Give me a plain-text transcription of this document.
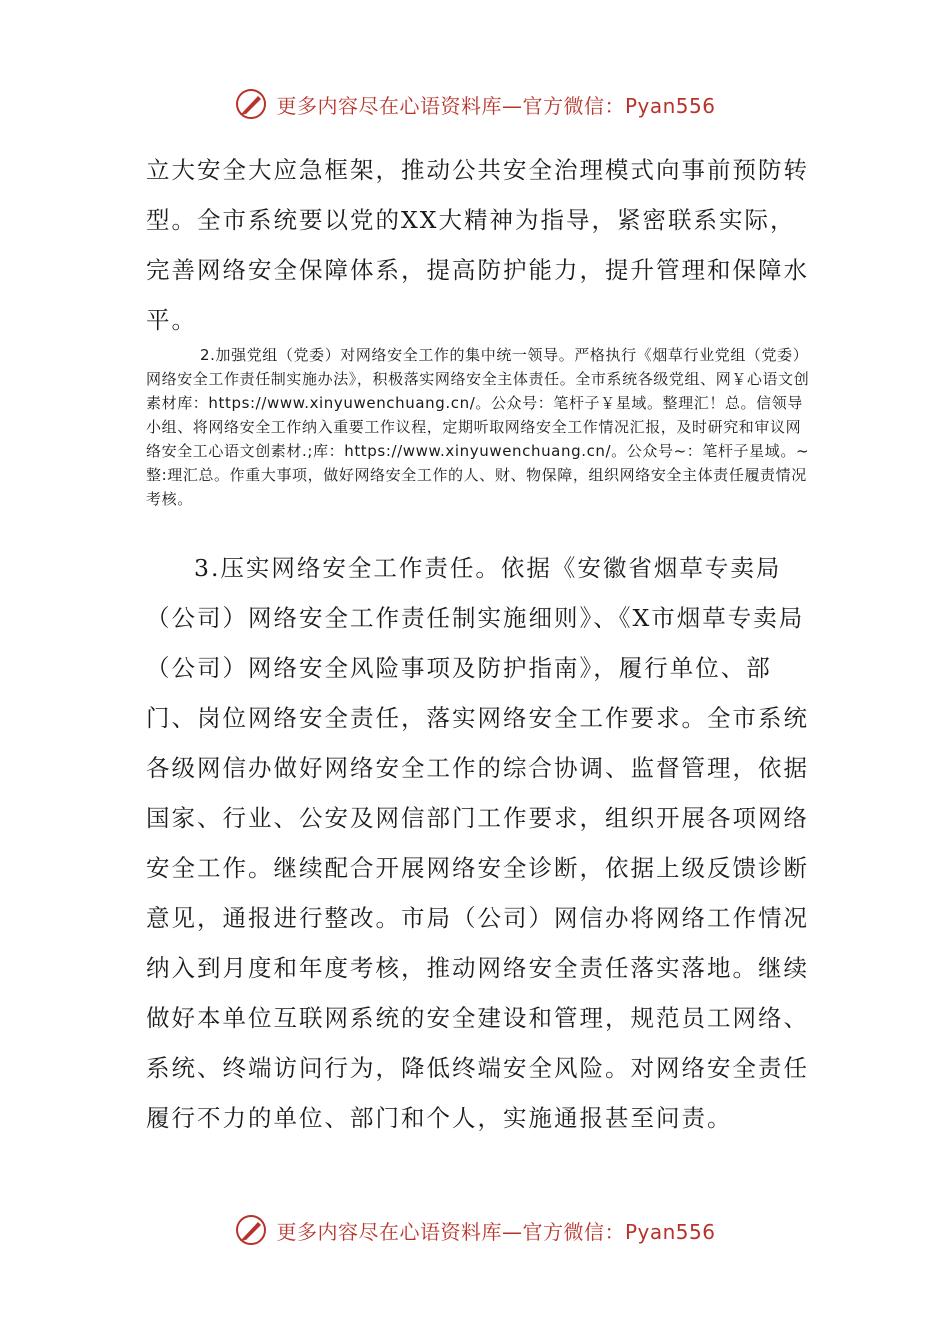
更多内容尽在心语资料库—官方微信：Pyan556

立大安全大应急框架，推动公共安全治理模式向事前预防转型。全市系统要以党的XX大精神为指导，紧密联系实际，完善网络安全保障体系，提高防护能力，提升管理和保障水平。

2.加强党组（党委）对网络安全工作的集中统一领导。严格执行《烟草行业党组（党委）网络安全工作责任制实施办法》，积极落实网络安全主体责任。全市系统各级党组、网￥心语文创素材库：https://www.xinyuwenchuang.cn/。公众号：笔杆子￥星域。整理汇！总。信领导小组、将网络安全工作纳入重要工作议程，定期听取网络安全工作情况汇报，及时研究和审议网络安全工心语文创素材.;库：https://www.xinyuwenchuang.cn/。公众号~：笔杆子星域。~整:理汇总。作重大事项，做好网络安全工作的人、财、物保障，组织网络安全主体责任履责情况考核。

3.压实网络安全工作责任。依据《安徽省烟草专卖局（公司）网络安全工作责任制实施细则》、《X市烟草专卖局（公司）网络安全风险事项及防护指南》，履行单位、部门、岗位网络安全责任，落实网络安全工作要求。全市系统各级网信办做好网络安全工作的综合协调、监督管理，依据国家、行业、公安及网信部门工作要求，组织开展各项网络安全工作。继续配合开展网络安全诊断，依据上级反馈诊断意见，通报进行整改。市局（公司）网信办将网络工作情况纳入到月度和年度考核，推动网络安全责任落实落地。继续做好本单位互联网系统的安全建设和管理，规范员工网络、系统、终端访问行为，降低终端安全风险。对网络安全责任履行不力的单位、部门和个人，实施通报甚至问责。

更多内容尽在心语资料库—官方微信：Pyan556
